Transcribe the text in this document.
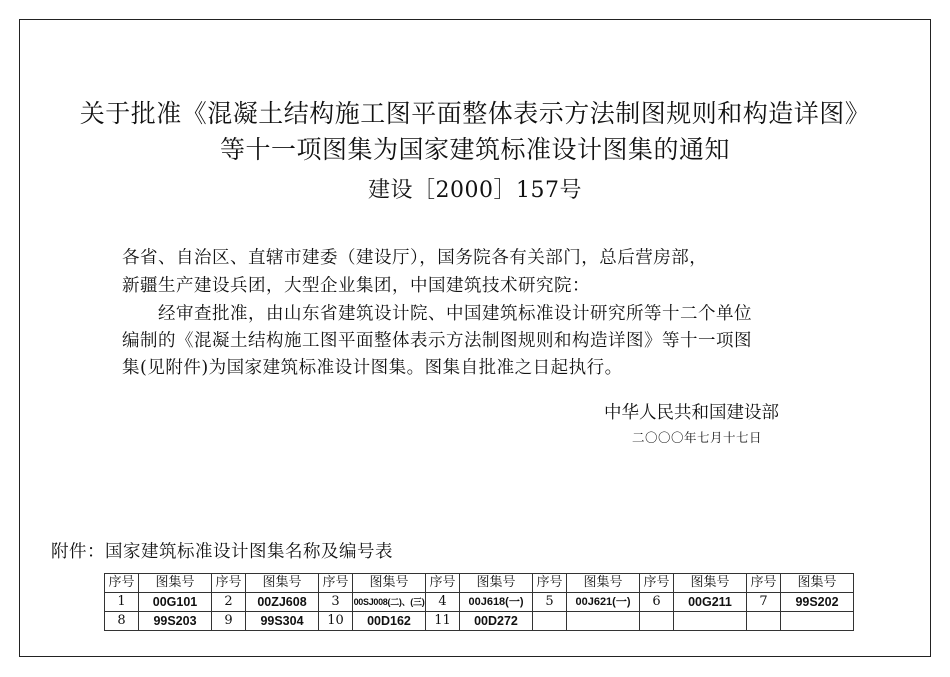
关于批准《混凝土结构施工图平面整体表示方法制图规则和构造详图》
等十一项图集为国家建筑标准设计图集的通知
建设［2000］157号
各省、自治区、直辖市建委（建设厅），国务院各有关部门，总后营房部，
新疆生产建设兵团，大型企业集团，中国建筑技术研究院：
经审查批准，由山东省建筑设计院、中国建筑标准设计研究所等十二个单位
编制的《混凝土结构施工图平面整体表示方法制图规则和构造详图》等十一项图
集(见附件)为国家建筑标准设计图集。图集自批准之日起执行。
中华人民共和国建设部
二〇〇〇年七月十七日
附件：国家建筑标准设计图集名称及编号表
序号	图集号	序号	图集号	序号	图集号	序号	图集号	序号	图集号	序号	图集号	序号	图集号
1	00G101	2	00ZJ608	3	00SJ008(二)、(三)	4	00J618(一)	5	00J621(一)	6	00G211	7	99S202
8	99S203	9	99S304	10	00D162	11	00D272						
